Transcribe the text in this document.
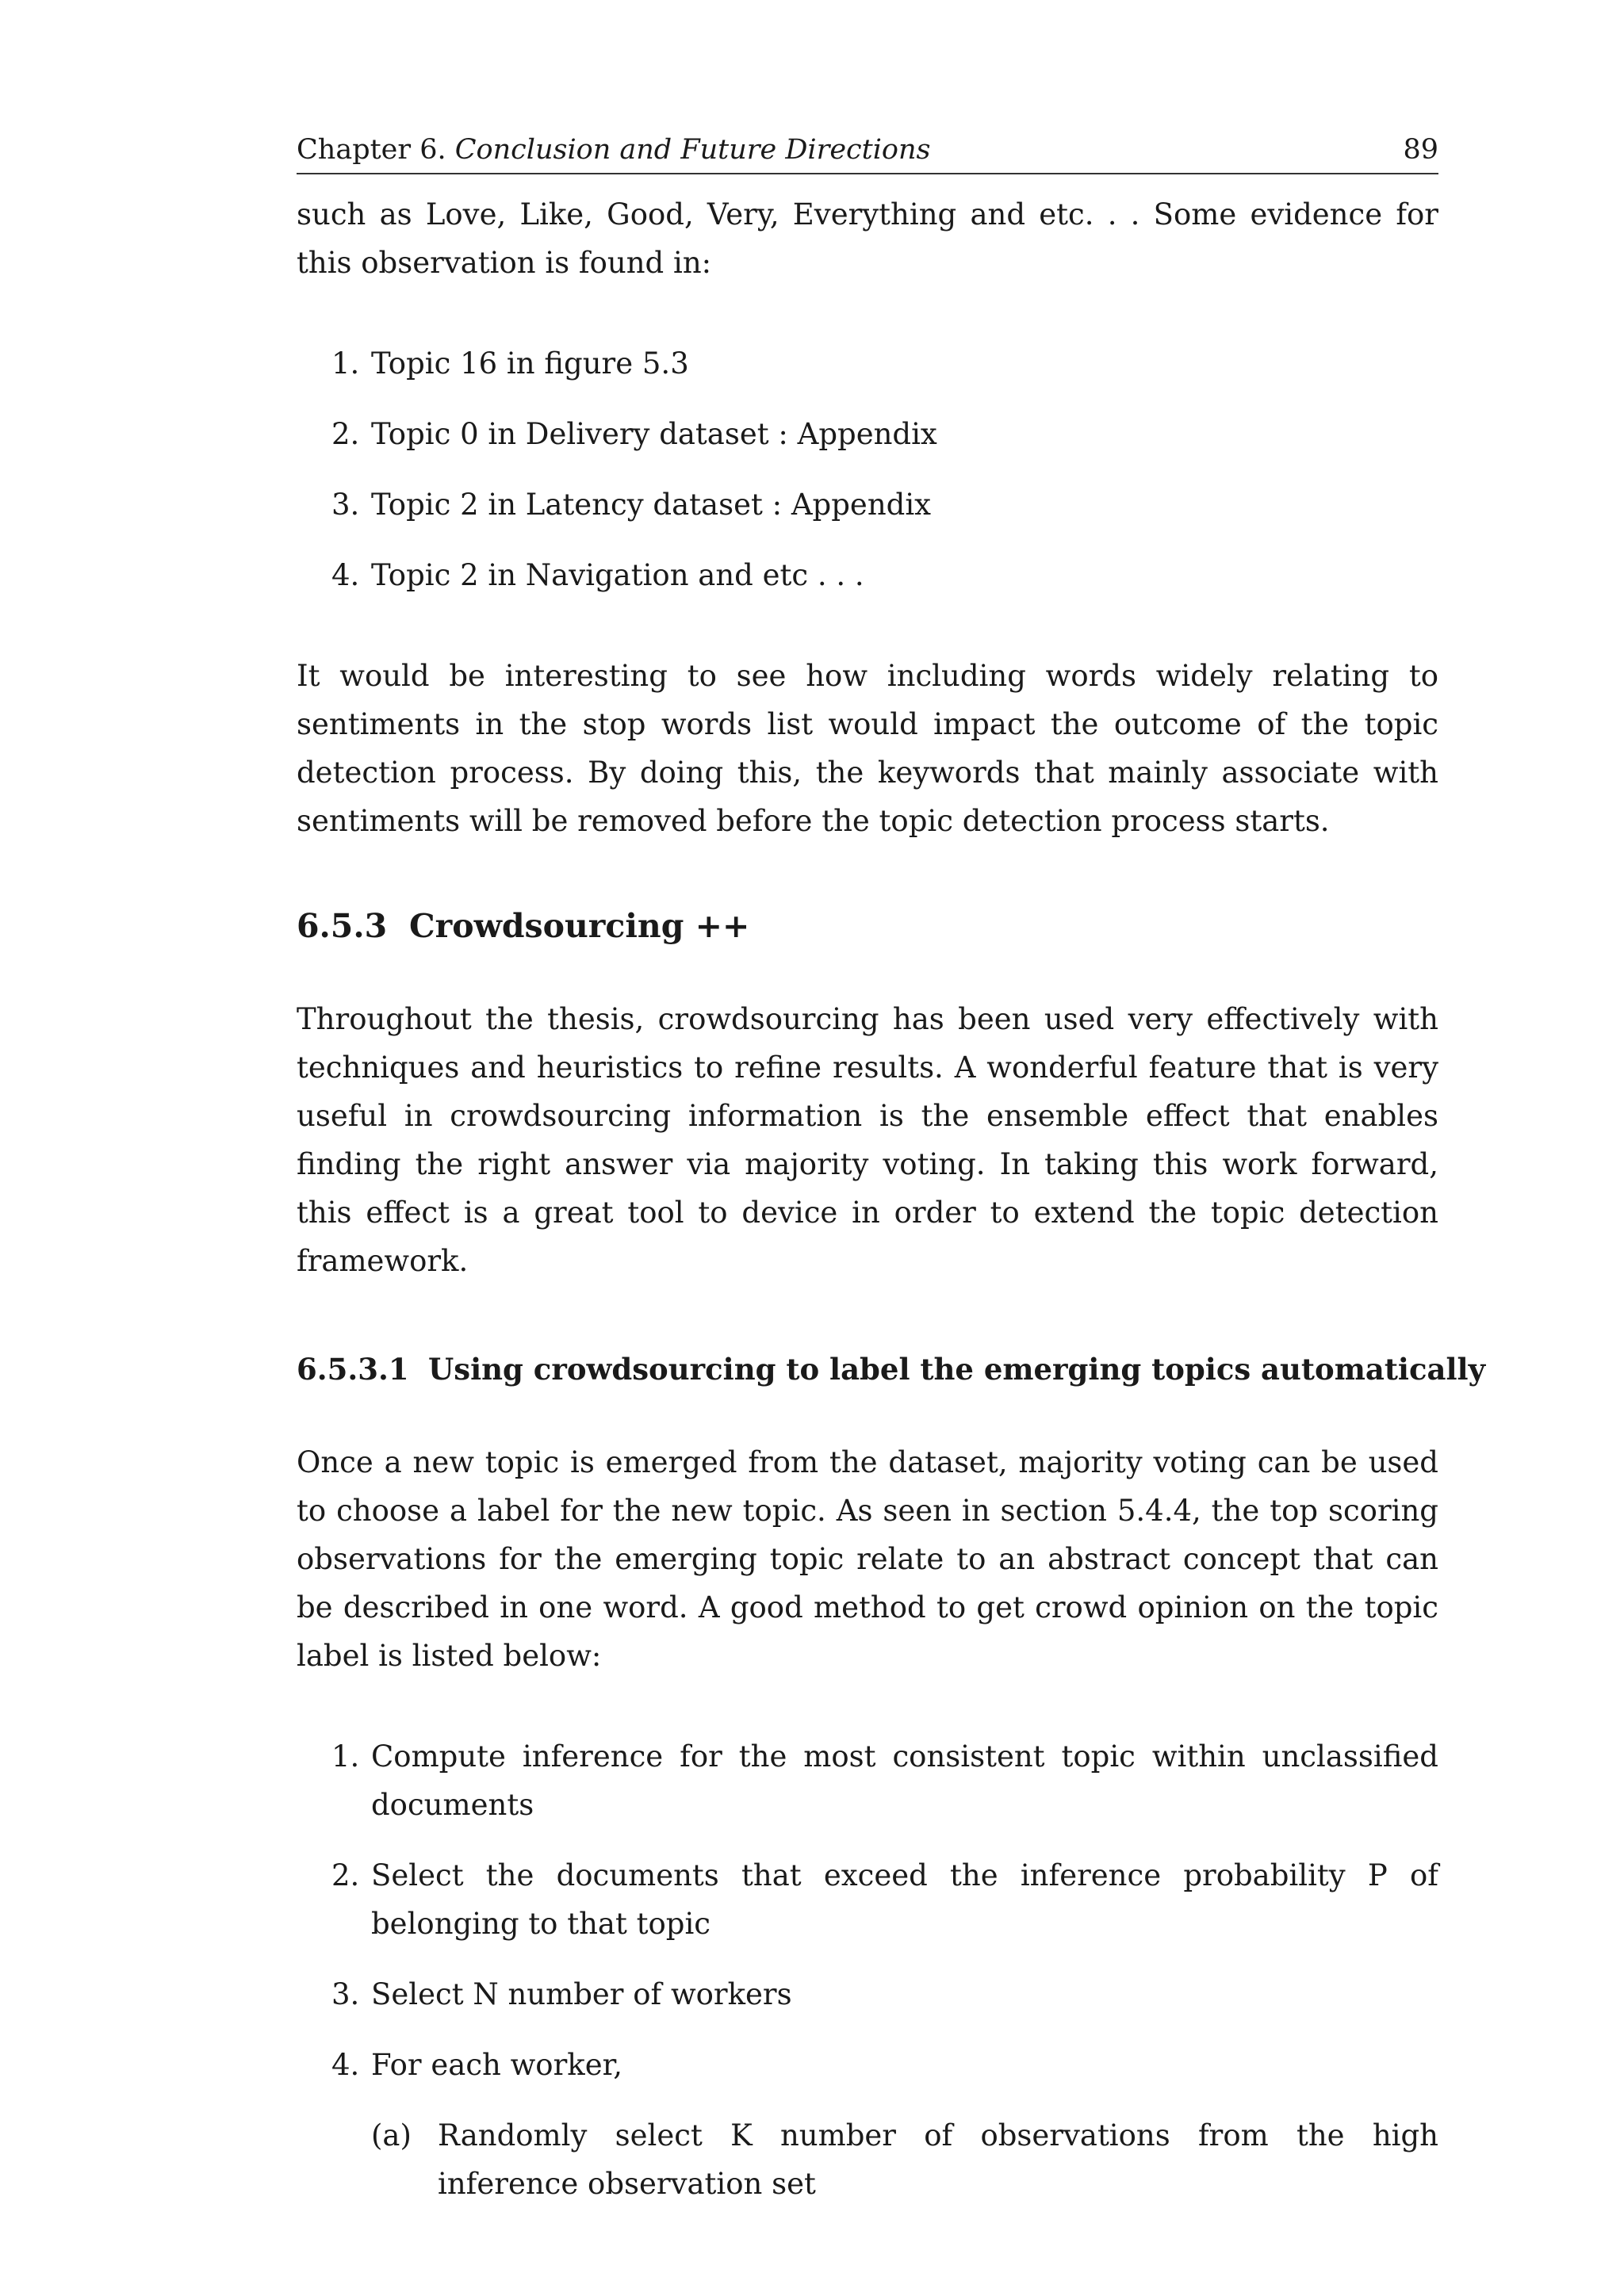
Chapter 6. Conclusion and Future Directions	89

such as Love, Like, Good, Very, Everything and etc. . . Some evidence for this observation is found in:

1. Topic 16 in figure 5.3
2. Topic 0 in Delivery dataset : Appendix
3. Topic 2 in Latency dataset : Appendix
4. Topic 2 in Navigation and etc . . .

It would be interesting to see how including words widely relating to sentiments in the stop words list would impact the outcome of the topic detection process. By doing this, the keywords that mainly associate with sentiments will be removed before the topic detection process starts.

6.5.3 Crowdsourcing ++

Throughout the thesis, crowdsourcing has been used very effectively with techniques and heuristics to refine results. A wonderful feature that is very useful in crowdsourcing information is the ensemble effect that enables finding the right answer via majority voting. In taking this work forward, this effect is a great tool to device in order to extend the topic detection framework.

6.5.3.1 Using crowdsourcing to label the emerging topics automatically

Once a new topic is emerged from the dataset, majority voting can be used to choose a label for the new topic. As seen in section 5.4.4, the top scoring observations for the emerging topic relate to an abstract concept that can be described in one word. A good method to get crowd opinion on the topic label is listed below:

1. Compute inference for the most consistent topic within unclassified documents
2. Select the documents that exceed the inference probability P of belonging to that topic
3. Select N number of workers
4. For each worker,
(a) Randomly select K number of observations from the high inference observation set
